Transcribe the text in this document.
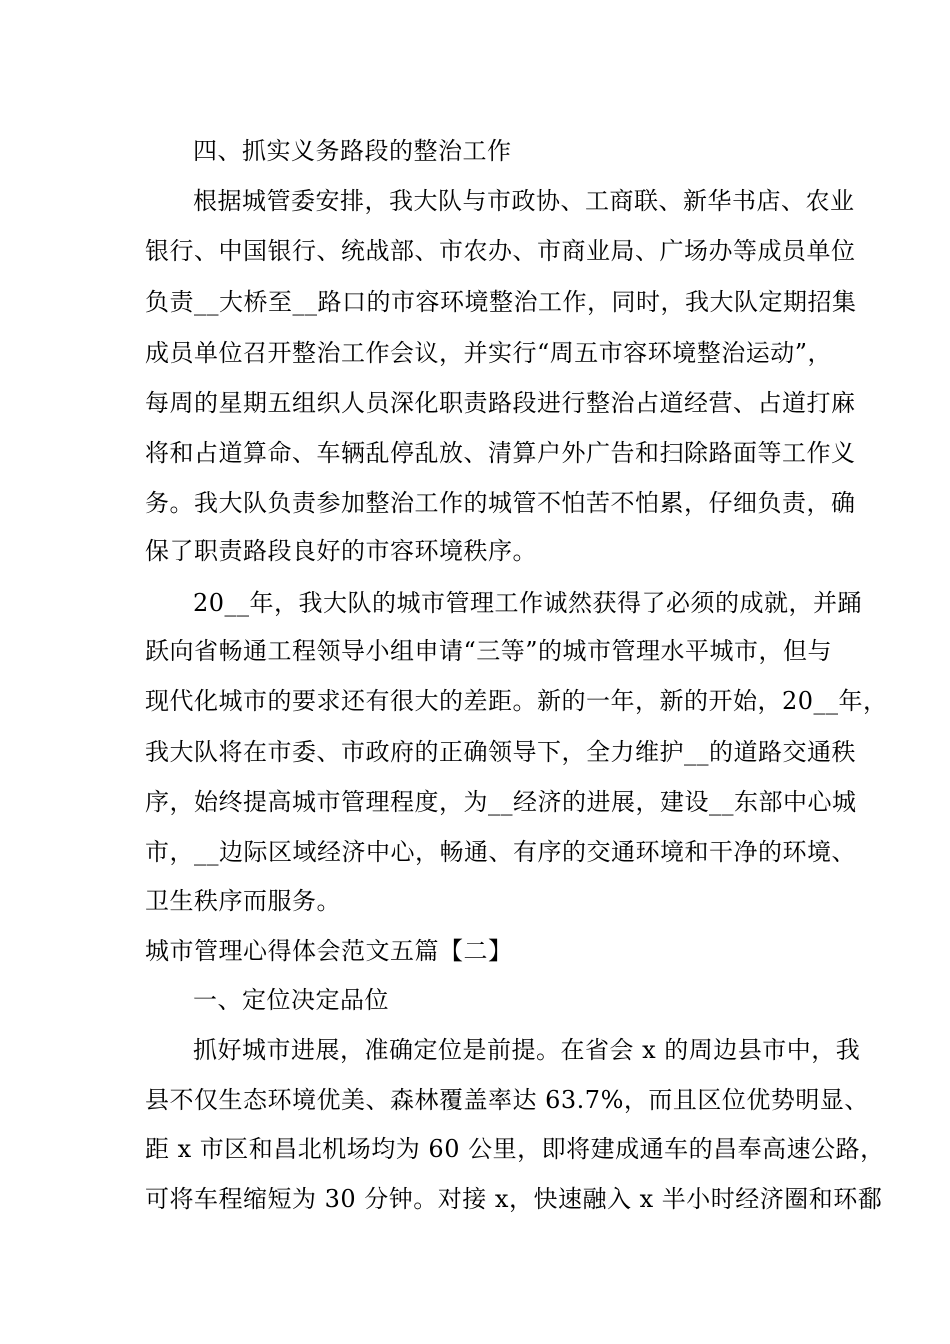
四、抓实义务路段的整治工作
根据城管委安排，我大队与市政协、工商联、新华书店、农业
银行、中国银行、统战部、市农办、市商业局、广场办等成员单位
负责__大桥至__路口的市容环境整治工作，同时，我大队定期招集
成员单位召开整治工作会议，并实行“周五市容环境整治运动”，
每周的星期五组织人员深化职责路段进行整治占道经营、占道打麻
将和占道算命、车辆乱停乱放、清算户外广告和扫除路面等工作义
务。我大队负责参加整治工作的城管不怕苦不怕累，仔细负责，确
保了职责路段良好的市容环境秩序。
20__年，我大队的城市管理工作诚然获得了必须的成就，并踊
跃向省畅通工程领导小组申请“三等”的城市管理水平城市，但与
现代化城市的要求还有很大的差距。新的一年，新的开始，20__年，
我大队将在市委、市政府的正确领导下，全力维护__的道路交通秩
序，始终提高城市管理程度，为__经济的进展，建设__东部中心城
市，__边际区域经济中心，畅通、有序的交通环境和干净的环境、
卫生秩序而服务。
城市管理心得体会范文五篇【二】
一、定位决定品位
抓好城市进展，准确定位是前提。在省会 x 的周边县市中，我
县不仅生态环境优美、森林覆盖率达 63.7%，而且区位优势明显、
距 x 市区和昌北机场均为 60 公里，即将建成通车的昌奉高速公路，
可将车程缩短为 30 分钟。对接 x，快速融入 x 半小时经济圈和环鄱
